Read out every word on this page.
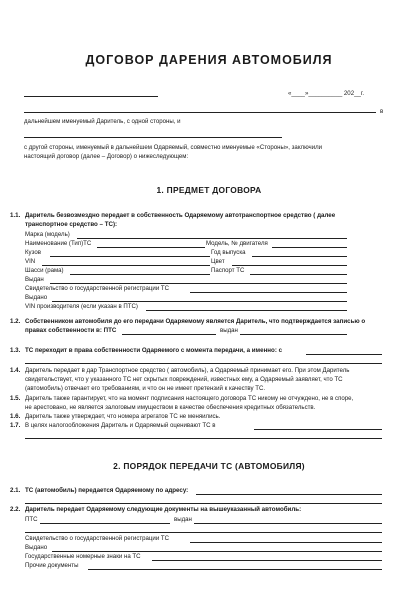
ДОГОВОР ДАРЕНИЯ АВТОМОБИЛЯ
«____»__________ 202__г.
в
дальнейшем именуемый Даритель, с одной стороны, и
с другой стороны, именуемый в дальнейшем Одаряемый, совместно именуемые «Стороны», заключили
настоящий договор (далее – Договор) о нижеследующем:
1. ПРЕДМЕТ ДОГОВОРА
1.1. Даритель безвозмездно передает в собственность Одаряемому автотранспортное средство ( далее
транспортное средство – ТС):
Марка (модель)
Наименование (Тип)ТС	Модель, № двигателя
Кузов	Год выпуска
VIN	Цвет
Шасси (рама)	Паспорт ТС
Выдан
Свидетельство о государственной регистрации ТС
Выдано
VIN производителя (если указан в ПТС)
1.2. Собственником автомобиля до его передачи Одаряемому является Даритель, что подтверждается записью о
правах собственности в: ПТС	выдан
1.3. ТС переходит в права собственности Одаряемого с момента передачи, а именно: с
1.4. Даритель передает в дар Транспортное средство ( автомобиль), а Одаряемый принимает его. При этом Даритель
свидетельствует, что у указанного ТС нет скрытых повреждений, известных ему, а Одаряемый заявляет, что ТС
(автомобиль) отвечает его требованиям, и что он не имеет претензий к качеству ТС.
1.5. Даритель также гарантирует, что на момент подписания настоящего договора ТС никому не отчуждено, не в споре,
не арестовано, не является залоговым имуществом в качестве обеспечения кредитных обязательств.
1.6. Даритель также утверждает, что номера агрегатов ТС не меняились.
1.7. В целях налогообложения Даритель и Одаряемый оценивают ТС в
2. ПОРЯДОК ПЕРЕДАЧИ ТС (АВТОМОБИЛЯ)
2.1. ТС (автомобиль) передается Одаряемому по адресу:
2.2. Даритель передает Одаряемому следующие документы на вышеуказанный автомобиль:
ПТС	выдан
Свидетельство о государственной регистрации ТС
Выдано
Государственные номерные знаки на ТС
Прочие документы
